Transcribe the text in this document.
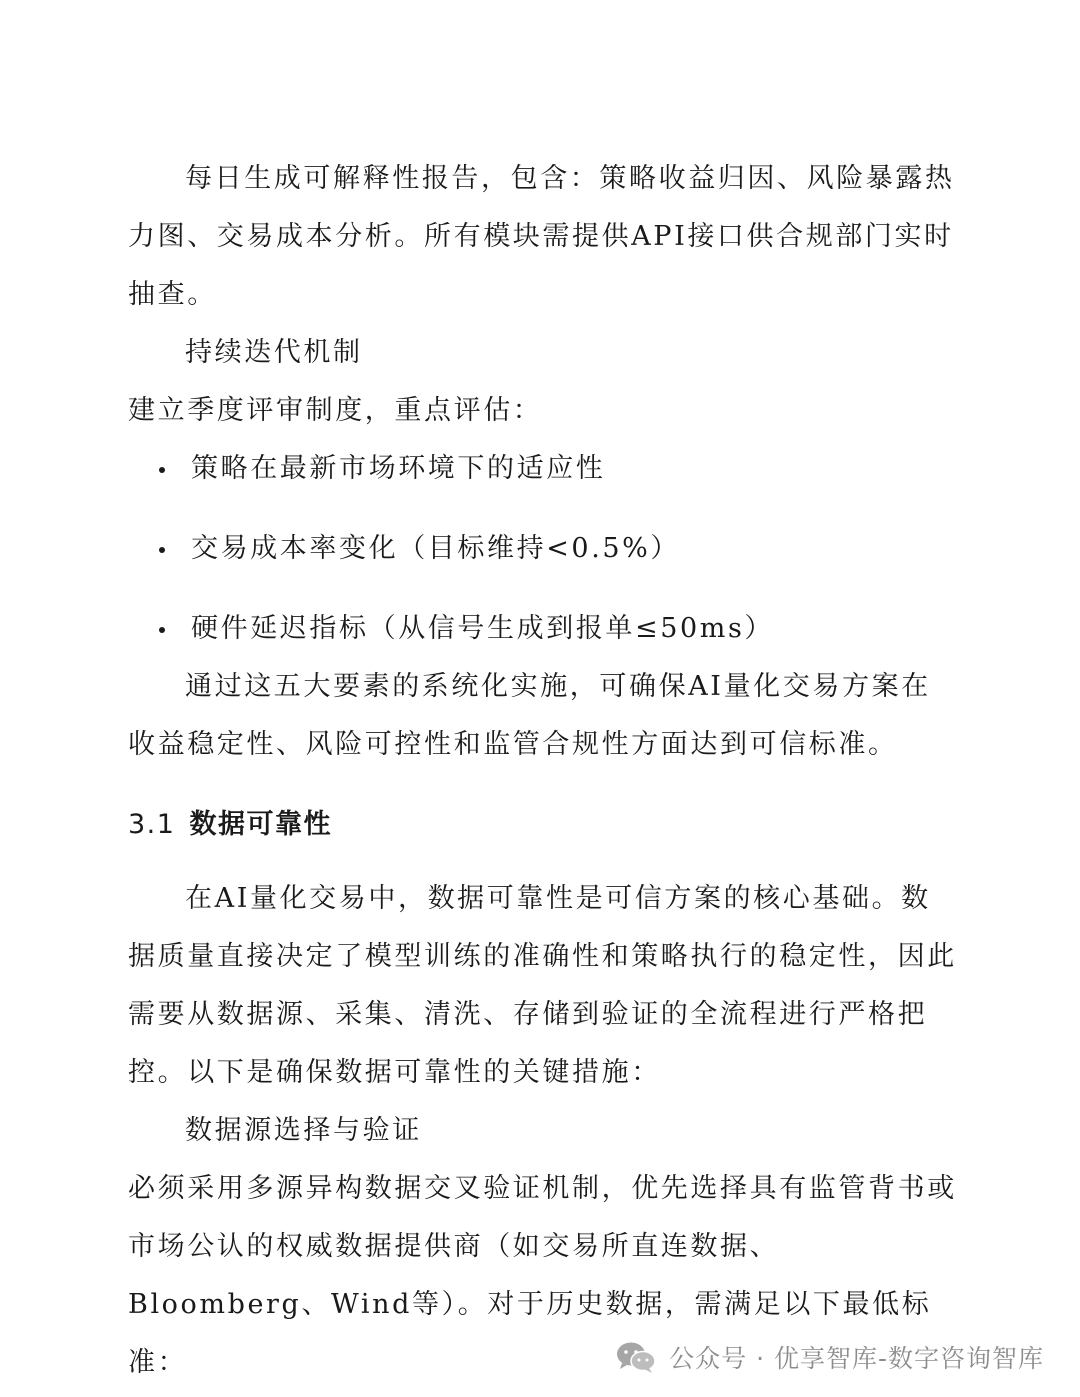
每日生成可解释性报告，包含：策略收益归因、风险暴露热力图、交易成本分析。所有模块需提供API接口供合规部门实时抽查。

持续迭代机制

建立季度评审制度，重点评估：

策略在最新市场环境下的适应性
交易成本率变化（目标维持<0.5%）
硬件延迟指标（从信号生成到报单≤50ms）

通过这五大要素的系统化实施，可确保AI量化交易方案在收益稳定性、风险可控性和监管合规性方面达到可信标准。

3.1 数据可靠性

在AI量化交易中，数据可靠性是可信方案的核心基础。数据质量直接决定了模型训练的准确性和策略执行的稳定性，因此需要从数据源、采集、清洗、存储到验证的全流程进行严格把控。以下是确保数据可靠性的关键措施：

数据源选择与验证

必须采用多源异构数据交叉验证机制，优先选择具有监管背书或市场公认的权威数据提供商（如交易所直连数据、Bloomberg、Wind等）。对于历史数据，需满足以下最低标准：	公众号 · 优享智库-数字咨询智库
